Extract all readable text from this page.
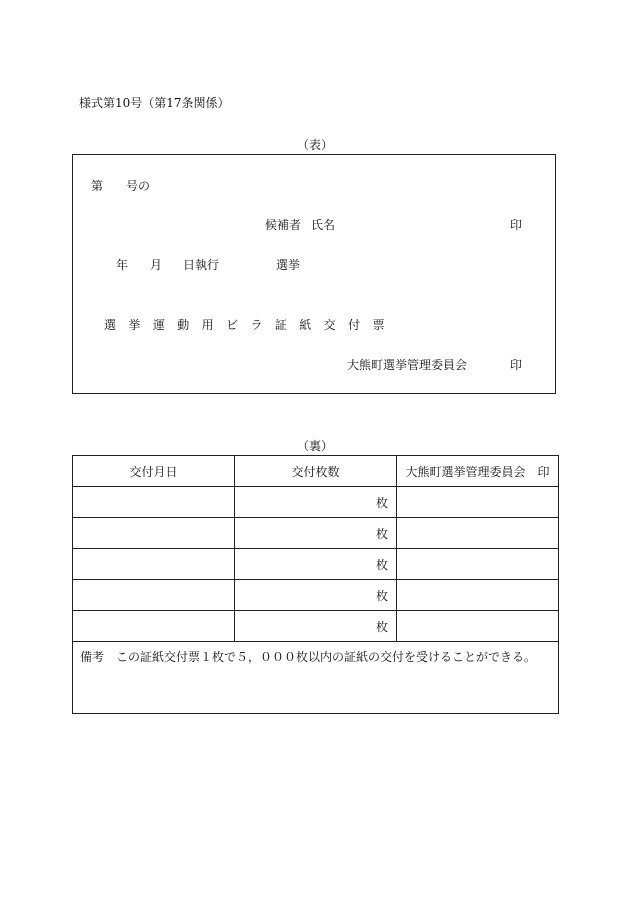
様式第10号（第17条関係）
（表）
第 号の
候補者 氏名	印
年 月 日執行	選挙
選 挙 運 動 用 ビ ラ 証 紙 交 付 票
大熊町選挙管理委員会	印
（裏）
交付月日	交付枚数	大熊町選挙管理委員会　印
	枚	
	枚	
	枚	
	枚	
	枚	
備考　この証紙交付票１枚で５，０００枚以内の証紙の交付を受けることができる。		
